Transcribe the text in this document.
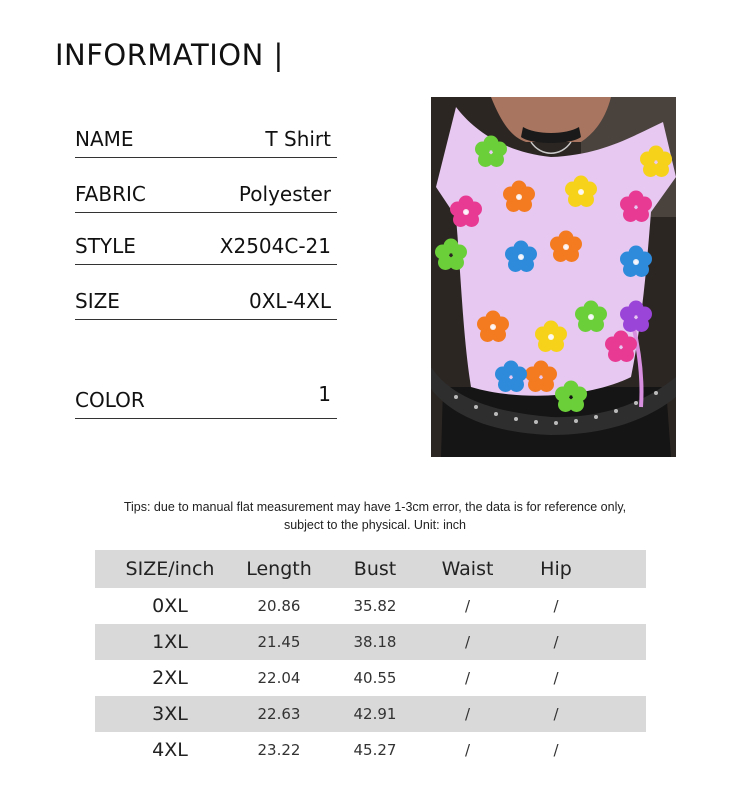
INFORMATION |
NAME	T Shirt
FABRIC	Polyester
STYLE	X2504C-21
SIZE	0XL-4XL
COLOR	1
Tips: due to manual flat measurement may have 1-3cm error, the data is for reference only,
subject to the physical. Unit: inch
SIZE/inch	Length	Bust	Waist	Hip
0XL	20.86	35.82	/	/
1XL	21.45	38.18	/	/
2XL	22.04	40.55	/	/
3XL	22.63	42.91	/	/
4XL	23.22	45.27	/	/
